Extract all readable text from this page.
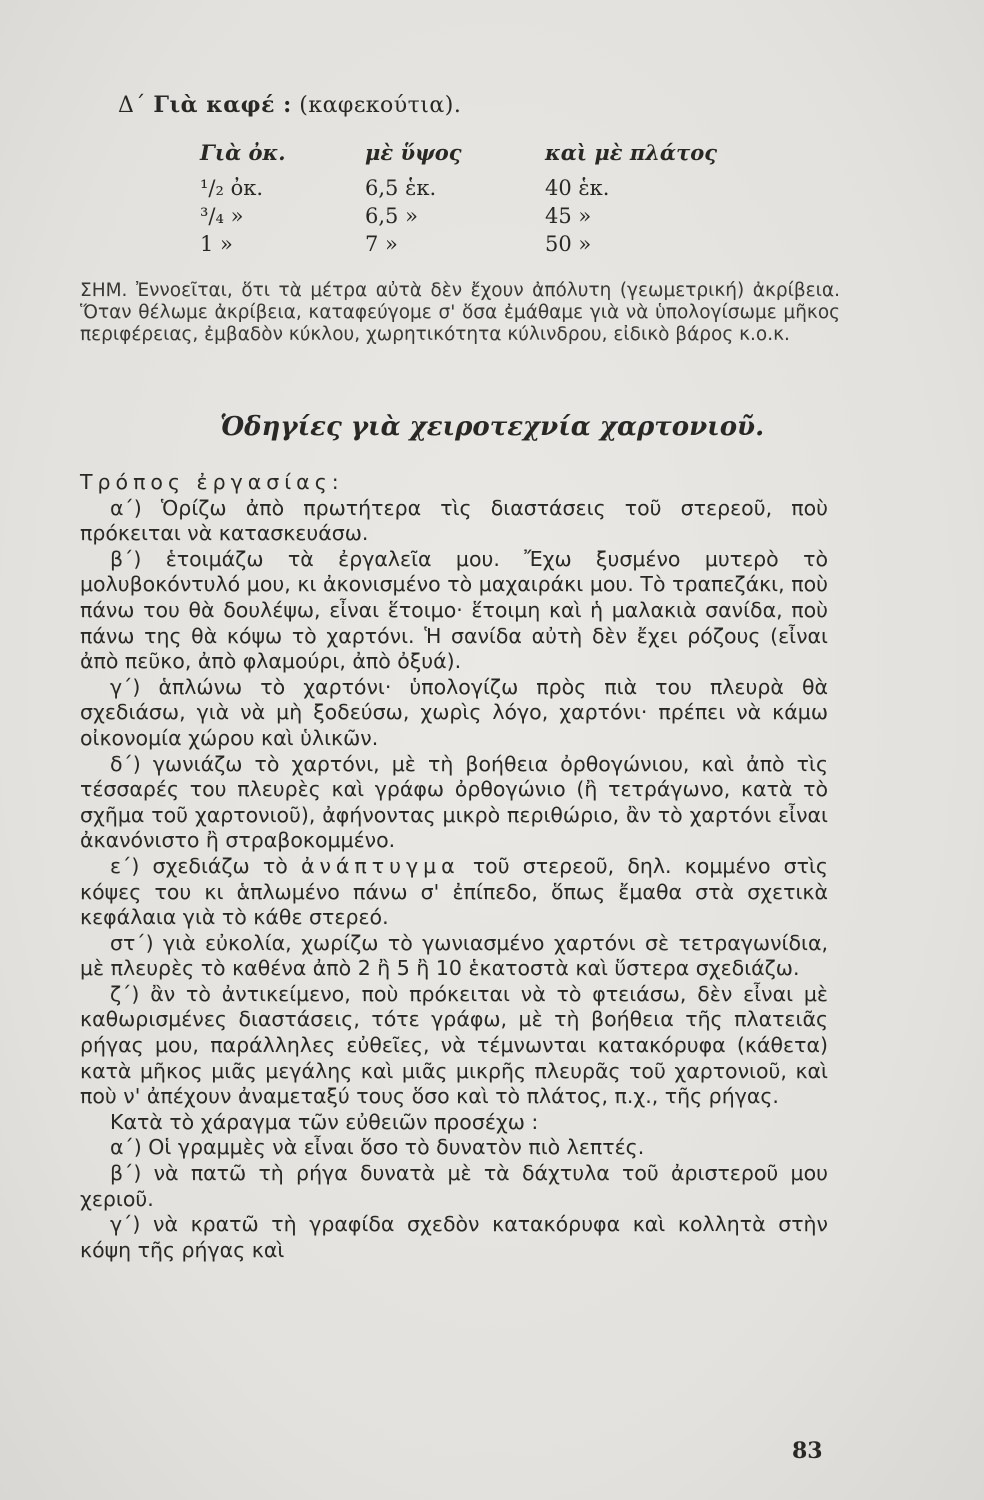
Δ΄ Γιὰ καφέ : (καφεκούτια).
Γιὰ ὀκ.	μὲ ὕψος	καὶ μὲ πλάτος
¹/₂ ὀκ.	6,5 ἑκ.	40 ἑκ.
³/₄ »	6,5 »	45 »
1 »	7 »	50 »
ΣΗΜ. Ἐννοεῖται, ὅτι τὰ μέτρα αὐτὰ δὲν ἔχουν ἀπόλυτη (γεωμετρική) ἀκρίβεια. Ὅταν θέλωμε ἀκρίβεια, καταφεύγομε σ' ὅσα ἐμάθαμε γιὰ νὰ ὑπολογίσωμε μῆκος περιφέρειας, ἐμβαδὸν κύκλου, χωρητικότητα κύλινδρου, εἰδικὸ βάρος κ.ο.κ.
Ὁδηγίες γιὰ χειροτεχνία χαρτονιοῦ.

Τρόπος ἐργασίας:

α΄) Ὁρίζω ἀπὸ πρωτήτερα τὶς διαστάσεις τοῦ στερεοῦ, ποὺ πρόκειται νὰ κατασκευάσω.

β΄) ἑτοιμάζω τὰ ἐργαλεῖα μου. Ἔχω ξυσμένο μυτερὸ τὸ μολυβοκόντυλό μου, κι ἀκονισμένο τὸ μαχαιράκι μου. Τὸ τραπεζάκι, ποὺ πάνω του θὰ δουλέψω, εἶναι ἕτοιμο· ἕτοιμη καὶ ἡ μαλακιὰ σανίδα, ποὺ πάνω της θὰ κόψω τὸ χαρτόνι. Ἡ σανίδα αὐτὴ δὲν ἔχει ρόζους (εἶναι ἀπὸ πεῦκο, ἀπὸ φλαμούρι, ἀπὸ ὀξυά).

γ΄) ἁπλώνω τὸ χαρτόνι· ὑπολογίζω πρὸς πιὰ του πλευρὰ θὰ σχεδιάσω, γιὰ νὰ μὴ ξοδεύσω, χωρὶς λόγο, χαρτόνι· πρέπει νὰ κάμω οἰκονομία χώρου καὶ ὑλικῶν.

δ΄) γωνιάζω τὸ χαρτόνι, μὲ τὴ βοήθεια ὀρθογώνιου, καὶ ἀπὸ τὶς τέσσαρές του πλευρὲς καὶ γράφω ὀρθογώνιο (ἢ τετράγωνο, κατὰ τὸ σχῆμα τοῦ χαρτονιοῦ), ἀφήνοντας μικρὸ περιθώριο, ἂν τὸ χαρτόνι εἶναι ἀκανόνιστο ἢ στραβοκομμένο.

ε΄) σχεδιάζω τὸ ἀνάπτυγμα τοῦ στερεοῦ, δηλ. κομμένο στὶς κόψες του κι ἁπλωμένο πάνω σ' ἐπίπεδο, ὅπως ἔμαθα στὰ σχετικὰ κεφάλαια γιὰ τὸ κάθε στερεό.

στ΄) γιὰ εὐκολία, χωρίζω τὸ γωνιασμένο χαρτόνι σὲ τετραγωνίδια, μὲ πλευρὲς τὸ καθένα ἀπὸ 2 ἢ 5 ἢ 10 ἑκατοστὰ καὶ ὕστερα σχεδιάζω.

ζ΄) ἂν τὸ ἀντικείμενο, ποὺ πρόκειται νὰ τὸ φτειάσω, δὲν εἶναι μὲ καθωρισμένες διαστάσεις, τότε γράφω, μὲ τὴ βοήθεια τῆς πλατειᾶς ρήγας μου, παράλληλες εὐθεῖες, νὰ τέμνωνται κατακόρυφα (κάθετα) κατὰ μῆκος μιᾶς μεγάλης καὶ μιᾶς μικρῆς πλευρᾶς τοῦ χαρτονιοῦ, καὶ ποὺ ν' ἀπέχουν ἀναμεταξύ τους ὅσο καὶ τὸ πλάτος, π.χ., τῆς ρήγας.

Κατὰ τὸ χάραγμα τῶν εὐθειῶν προσέχω :

α΄) Οἱ γραμμὲς νὰ εἶναι ὅσο τὸ δυνατὸν πιὸ λεπτές.

β΄) νὰ πατῶ τὴ ρήγα δυνατὰ μὲ τὰ δάχτυλα τοῦ ἀριστεροῦ μου χεριοῦ.

γ΄) νὰ κρατῶ τὴ γραφίδα σχεδὸν κατακόρυφα καὶ κολλητὰ στὴν κόψη τῆς ρήγας καὶ

83
